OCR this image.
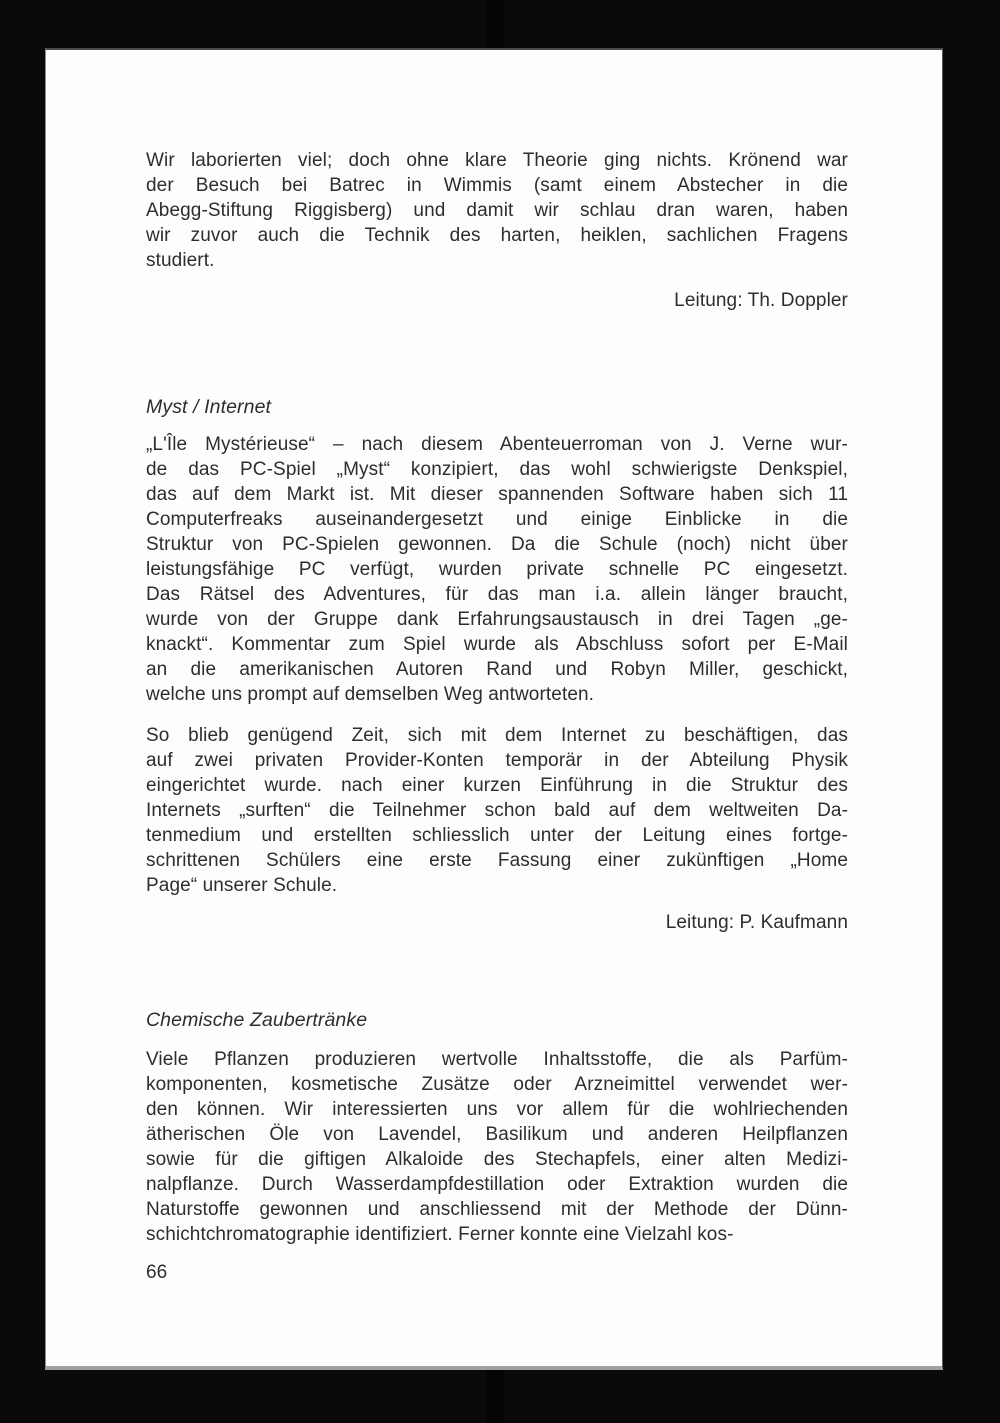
Wir laborierten viel; doch ohne klare Theorie ging nichts. Krönend war
der Besuch bei Batrec in Wimmis (samt einem Abstecher in die
Abegg-Stiftung Riggisberg) und damit wir schlau dran waren, haben
wir zuvor auch die Technik des harten, heiklen, sachlichen Fragens
studiert.
Leitung: Th. Doppler
Myst / Internet
„L'Île Mystérieuse“ – nach diesem Abenteuerroman von J. Verne wur-
de das PC-Spiel „Myst“ konzipiert, das wohl schwierigste Denkspiel,
das auf dem Markt ist. Mit dieser spannenden Software haben sich 11
Computerfreaks auseinandergesetzt und einige Einblicke in die
Struktur von PC-Spielen gewonnen. Da die Schule (noch) nicht über
leistungsfähige PC verfügt, wurden private schnelle PC eingesetzt.
Das Rätsel des Adventures, für das man i.a. allein länger braucht,
wurde von der Gruppe dank Erfahrungsaustausch in drei Tagen „ge-
knackt“. Kommentar zum Spiel wurde als Abschluss sofort per E-Mail
an die amerikanischen Autoren Rand und Robyn Miller, geschickt,
welche uns prompt auf demselben Weg antworteten.
So blieb genügend Zeit, sich mit dem Internet zu beschäftigen, das
auf zwei privaten Provider-Konten temporär in der Abteilung Physik
eingerichtet wurde. nach einer kurzen Einführung in die Struktur des
Internets „surften“ die Teilnehmer schon bald auf dem weltweiten Da-
tenmedium und erstellten schliesslich unter der Leitung eines fortge-
schrittenen Schülers eine erste Fassung einer zukünftigen „Home
Page“ unserer Schule.
Leitung: P. Kaufmann
Chemische Zaubertränke
Viele Pflanzen produzieren wertvolle Inhaltsstoffe, die als Parfüm-
komponenten, kosmetische Zusätze oder Arzneimittel verwendet wer-
den können. Wir interessierten uns vor allem für die wohlriechenden
ätherischen Öle von Lavendel, Basilikum und anderen Heilpflanzen
sowie für die giftigen Alkaloide des Stechapfels, einer alten Medizi-
nalpflanze. Durch Wasserdampfdestillation oder Extraktion wurden die
Naturstoffe gewonnen und anschliessend mit der Methode der Dünn-
schichtchromatographie identifiziert. Ferner konnte eine Vielzahl kos-
66
